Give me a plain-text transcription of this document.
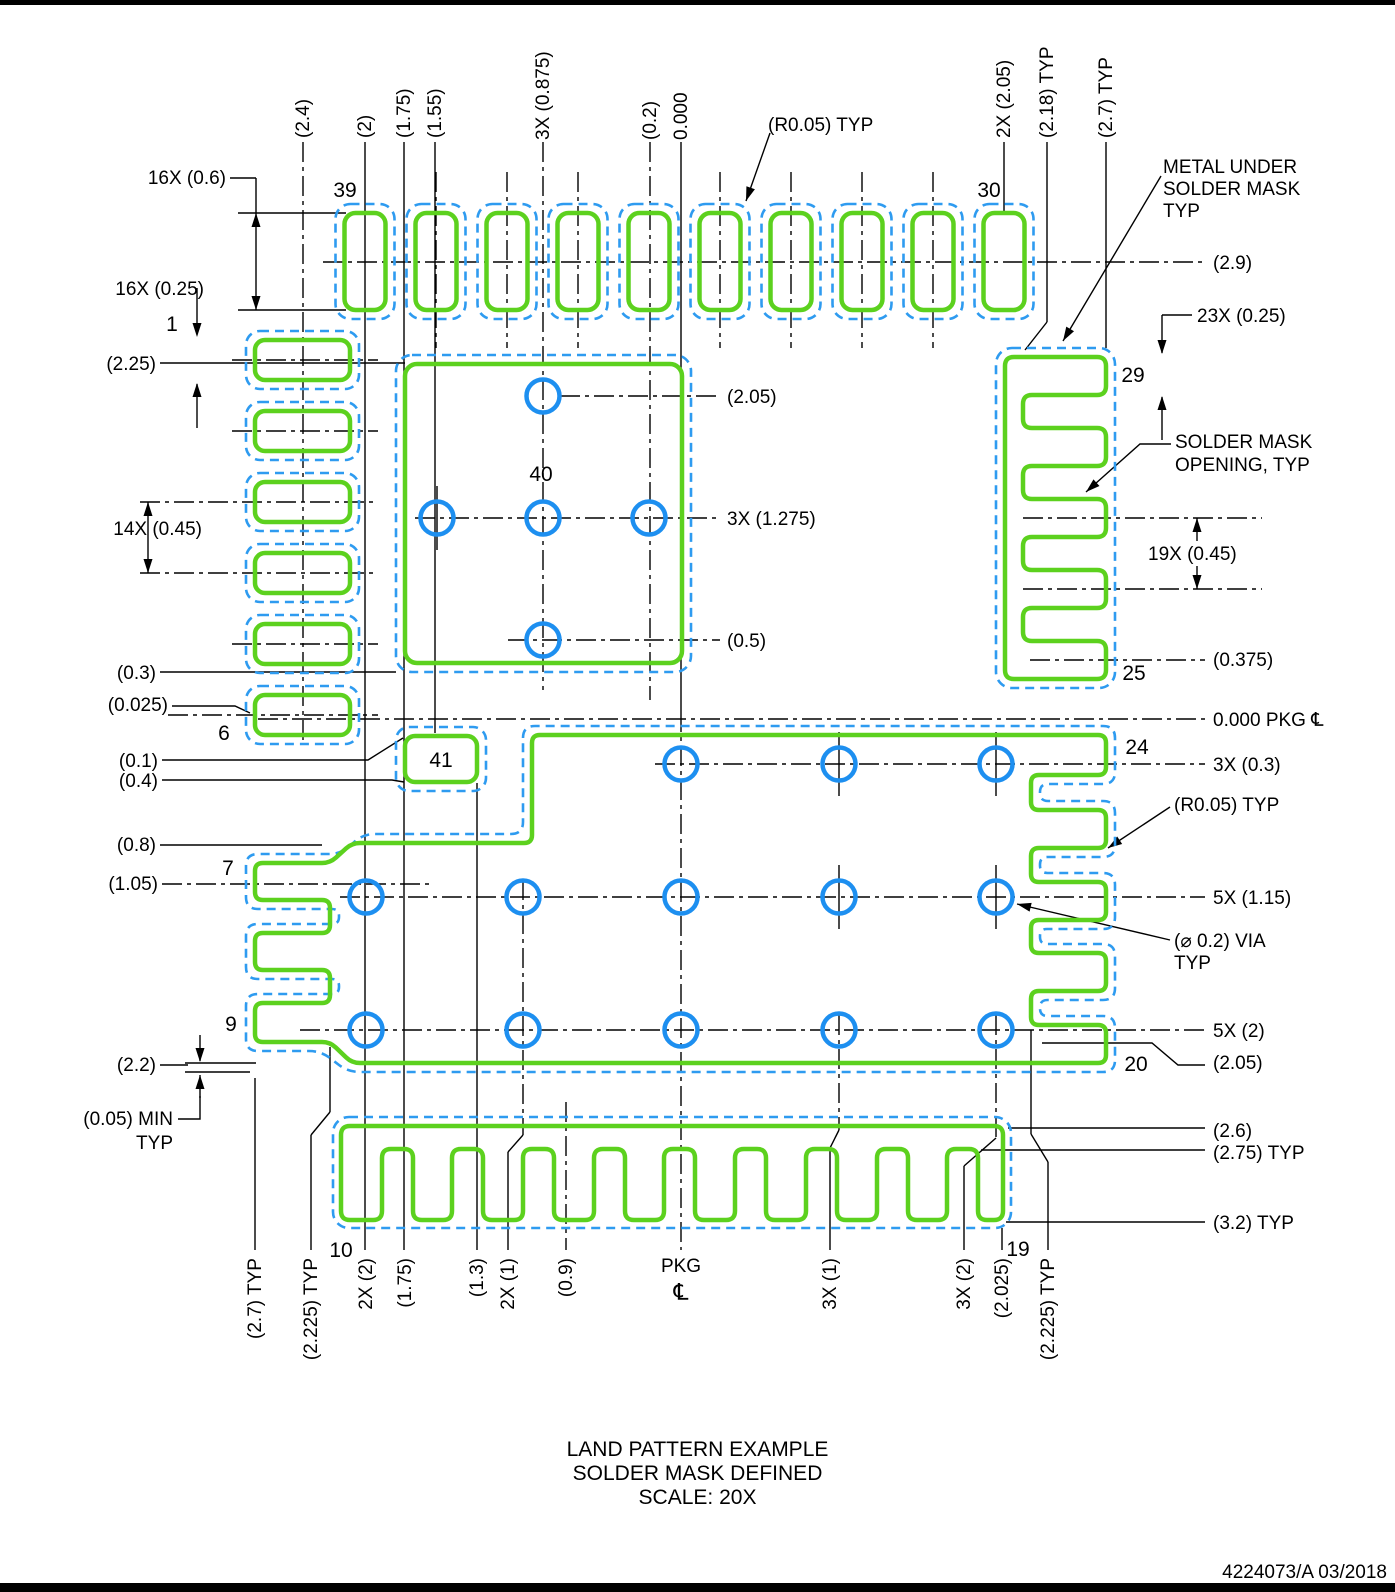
39	30
1
6
7
9
10	19
20
24
25
29
40
41
(2.4) (2) (1.75) (1.55)	3X (0.875)	(0.2) 0.000	2X (2.05) (2.18) TYP (2.7) TYP
(2.7) TYP (2.225) TYP 2X (2) (1.75)	(1.3) 2X (1) (0.9)	3X (1)	3X (2) (2.025) (2.225) TYP
16X (0.6)
16X (0.25)
(2.25)
14X (0.45)
(0.3)
(0.025)
(0.1)
(0.4)
(0.8)
(1.05)
(2.2)
(0.05) MIN
TYP
(R0.05) TYP
METAL UNDER
SOLDER MASK
TYP
(2.9)
23X (0.25)
SOLDER MASK
OPENING, TYP
19X (0.45)
(0.375)
0.000 PKG ℄
3X (0.3)
(R0.05) TYP
5X (1.15)
(⌀ 0.2) VIA
TYP
5X (2)
(2.05)
(2.6)
(2.75) TYP
(3.2) TYP
(2.05)
3X (1.275)
(0.5)
PKG
℄
LAND PATTERN EXAMPLE
SOLDER MASK DEFINED
SCALE: 20X
4224073/A 03/2018
